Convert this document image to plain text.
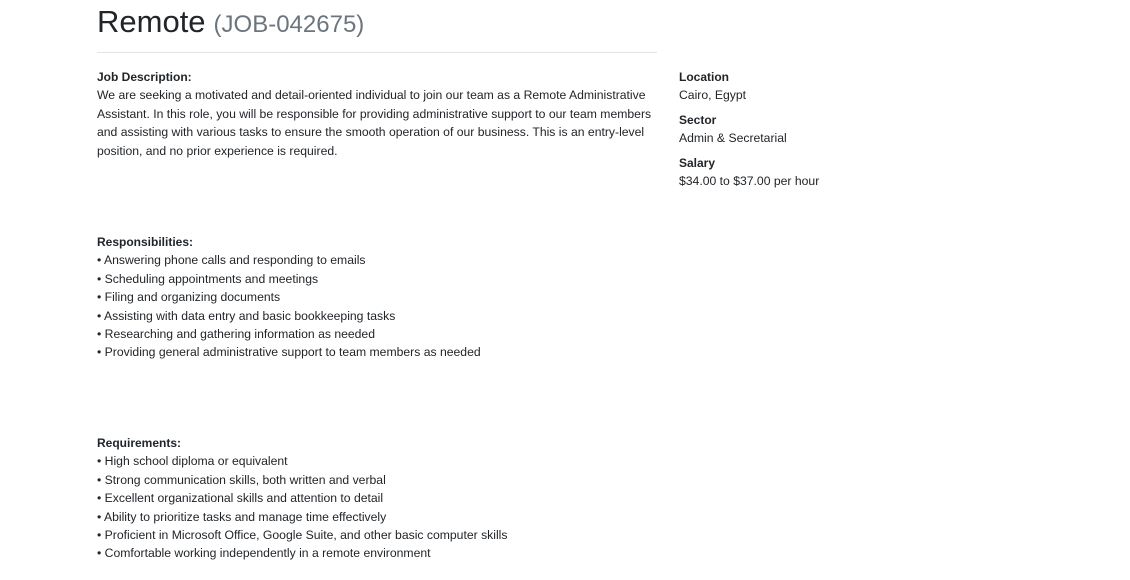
Remote (JOB-042675)

Job Description:

We are seeking a motivated and detail-oriented individual to join our team as a Remote Administrative Assistant. In this role, you will be responsible for providing administrative support to our team members and assisting with various tasks to ensure the smooth operation of our business. This is an entry-level position, and no prior experience is required.

Responsibilities:

• Answering phone calls and responding to emails
• Scheduling appointments and meetings
• Filing and organizing documents
• Assisting with data entry and basic bookkeeping tasks
• Researching and gathering information as needed
• Providing general administrative support to team members as needed

Requirements:

• High school diploma or equivalent
• Strong communication skills, both written and verbal
• Excellent organizational skills and attention to detail
• Ability to prioritize tasks and manage time effectively
• Proficient in Microsoft Office, Google Suite, and other basic computer skills
• Comfortable working independently in a remote environment
Location
Cairo, Egypt
Sector
Admin & Secretarial
Salary
$34.00 to $37.00 per hour
